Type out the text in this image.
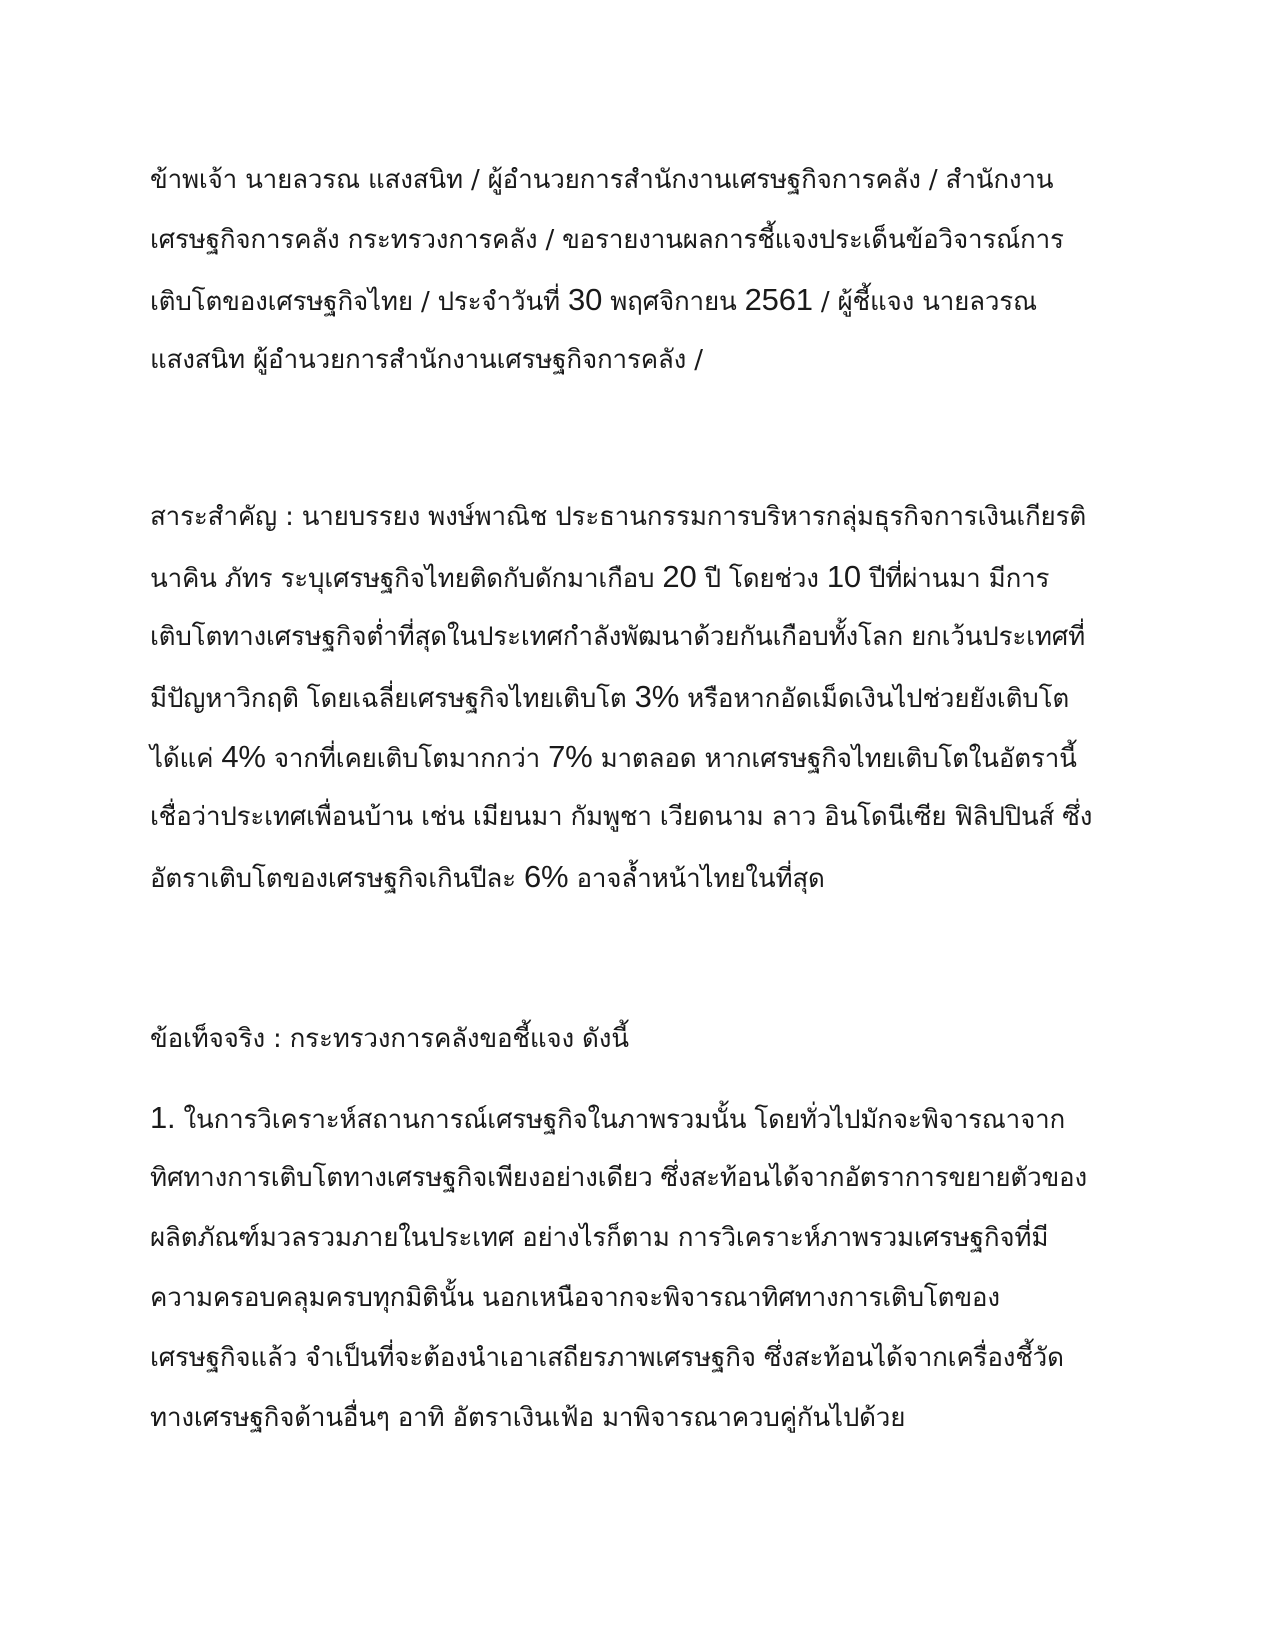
ข้าพเจ้า นายลวรณ แสงสนิท / ผู้อำนวยการสำนักงานเศรษฐกิจการคลัง / สำนักงาน
เศรษฐกิจการคลัง กระทรวงการคลัง / ขอรายงานผลการชี้แจงประเด็นข้อวิจารณ์การ
เติบโตของเศรษฐกิจไทย / ประจำวันที่ 30 พฤศจิกายน 2561 / ผู้ชี้แจง นายลวรณ
แสงสนิท ผู้อำนวยการสำนักงานเศรษฐกิจการคลัง /
สาระสำคัญ : นายบรรยง พงษ์พาณิช ประธานกรรมการบริหารกลุ่มธุรกิจการเงินเกียรติ
นาคิน ภัทร ระบุเศรษฐกิจไทยติดกับดักมาเกือบ 20 ปี โดยช่วง 10 ปีที่ผ่านมา มีการ
เติบโตทางเศรษฐกิจต่ำที่สุดในประเทศกำลังพัฒนาด้วยกันเกือบทั้งโลก ยกเว้นประเทศที่
มีปัญหาวิกฤติ โดยเฉลี่ยเศรษฐกิจไทยเติบโต 3% หรือหากอัดเม็ดเงินไปช่วยยังเติบโต
ได้แค่ 4% จากที่เคยเติบโตมากกว่า 7% มาตลอด หากเศรษฐกิจไทยเติบโตในอัตรานี้
เชื่อว่าประเทศเพื่อนบ้าน เช่น เมียนมา กัมพูชา เวียดนาม ลาว อินโดนีเซีย ฟิลิปปินส์ ซึ่ง
อัตราเติบโตของเศรษฐกิจเกินปีละ 6% อาจล้ำหน้าไทยในที่สุด
ข้อเท็จจริง : กระทรวงการคลังขอชี้แจง ดังนี้
1. ในการวิเคราะห์สถานการณ์เศรษฐกิจในภาพรวมนั้น โดยทั่วไปมักจะพิจารณาจาก
ทิศทางการเติบโตทางเศรษฐกิจเพียงอย่างเดียว ซึ่งสะท้อนได้จากอัตราการขยายตัวของ
ผลิตภัณฑ์มวลรวมภายในประเทศ อย่างไรก็ตาม การวิเคราะห์ภาพรวมเศรษฐกิจที่มี
ความครอบคลุมครบทุกมิตินั้น นอกเหนือจากจะพิจารณาทิศทางการเติบโตของ
เศรษฐกิจแล้ว จำเป็นที่จะต้องนำเอาเสถียรภาพเศรษฐกิจ ซึ่งสะท้อนได้จากเครื่องชี้วัด
ทางเศรษฐกิจด้านอื่นๆ อาทิ อัตราเงินเฟ้อ มาพิจารณาควบคู่กันไปด้วย
